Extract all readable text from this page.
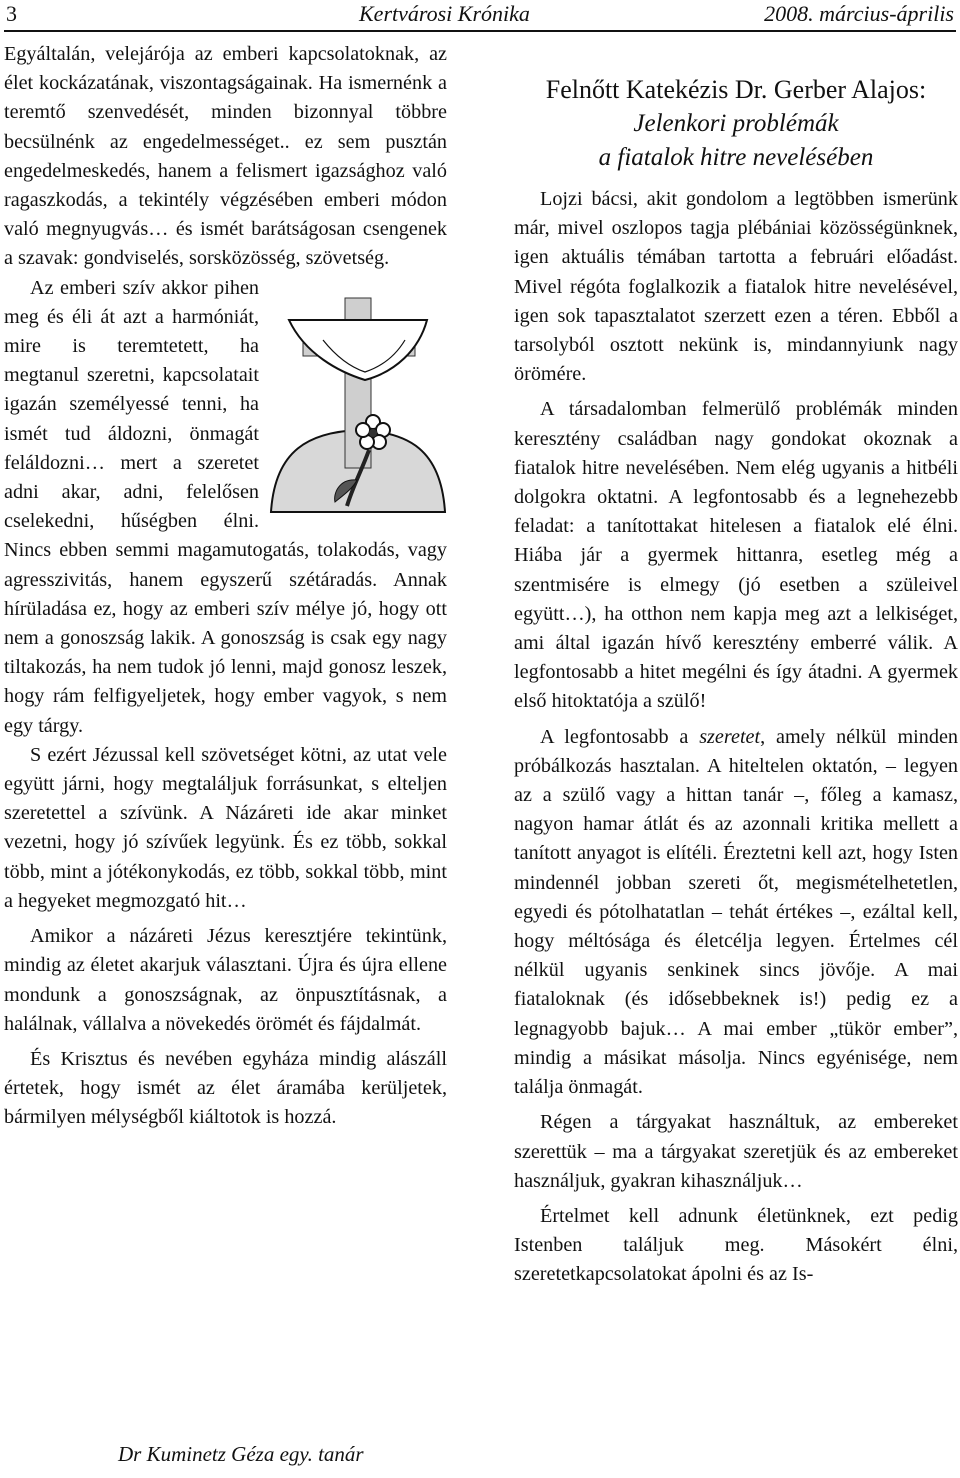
3	Kertvárosi Krónika	2008. március-április

Egyáltalán, velejárója az emberi kapcsolatoknak, az élet kockázatának, viszontagságainak. Ha ismernénk a teremtő szenvedését, minden bizonnyal többre becsülnénk az engedelmességet.. ez sem pusztán engedelmeskedés, hanem a felismert igazsághoz való ragaszkodás, a tekintély végzésében emberi módon való megnyugvás… és ismét barátságosan csengenek a szavak: gondviselés, sorsközösség, szövetség.

Az emberi szív akkor pihen meg és éli át azt a harmóniát, mire is teremtetett, ha megtanul szeretni, kapcsolatait igazán személyessé tenni, ha ismét tud áldozni, önmagát feláldozni… mert a szeretet adni akar, adni, felelősen cselekedni, hűségben élni. Nincs ebben semmi magamutogatás, tolakodás, vagy agresszivitás, hanem egyszerű szétáradás. Annak hírüladása ez, hogy az emberi szív mélye jó, hogy ott nem a gonoszság lakik. A gonoszság is csak egy nagy tiltakozás, ha nem tudok jó lenni, majd gonosz leszek, hogy rám felfigyeljetek, hogy ember vagyok, s nem egy tárgy.

S ezért Jézussal kell szövetséget kötni, az utat vele együtt járni, hogy megtaláljuk forrásunkat, s elteljen szeretettel a szívünk. A Názáreti ide akar minket vezetni, hogy jó szívűek legyünk. És ez több, sokkal több, mint a jótékonykodás, ez több, sokkal több, mint a hegyeket megmozgató hit…

Amikor a názáreti Jézus keresztjére tekintünk, mindig az életet akarjuk választani. Újra és újra ellene mondunk a gonoszságnak, az önpusztításnak, a halálnak, vállalva a növekedés örömét és fájdalmát.

És Krisztus és nevében egyháza mindig alászáll értetek, hogy ismét az élet áramába kerüljetek, bármilyen mélységből kiáltotok is hozzá.

Dr Kuminetz Géza egy. tanár
Felnőtt Katekézis Dr. Gerber Alajos:
Jelenkori problémák
a fiatalok hitre nevelésében

Lojzi bácsi, akit gondolom a legtöbben ismerünk már, mivel oszlopos tagja plébániai közösségünknek, igen aktuális témában tartotta a februári előadást. Mivel régóta foglalkozik a fiatalok hitre nevelésével, igen sok tapasztalatot szerzett ezen a téren. Ebből a tarsolyból osztott nekünk is, mindannyiunk nagy örömére.

A társadalomban felmerülő problémák minden keresztény családban nagy gondokat okoznak a fiatalok hitre nevelésében. Nem elég ugyanis a hitbéli dolgokra oktatni. A legfontosabb és a legnehezebb feladat: a tanítottakat hitelesen a fiatalok elé élni. Hiába jár a gyermek hittanra, esetleg még a szentmisére is elmegy (jó esetben a szüleivel együtt…), ha otthon nem kapja meg azt a lelkiséget, ami által igazán hívő keresztény emberré válik. A legfontosabb a hitet megélni és így átadni. A gyermek első hitoktatója a szülő!

A legfontosabb a szeretet, amely nélkül minden próbálkozás hasztalan. A hiteltelen oktatón, – legyen az a szülő vagy a hittan tanár –, főleg a kamasz, nagyon hamar átlát és az azonnali kritika mellett a tanított anyagot is elítéli. Éreztetni kell azt, hogy Isten mindennél jobban szereti őt, megismételhetetlen, egyedi és pótolhatatlan – tehát értékes –, ezáltal kell, hogy méltósága és életcélja legyen. Értelmes cél nélkül ugyanis senkinek sincs jövője. A mai fiataloknak (és idősebbeknek is!) pedig ez a legnagyobb bajuk… A mai ember „tükör ember”, mindig a másikat másolja. Nincs egyénisége, nem találja önmagát.

Régen a tárgyakat használtuk, az embereket szerettük – ma a tárgyakat szeretjük és az embereket használjuk, gyakran kihasználjuk…

Értelmet kell adnunk életünknek, ezt pedig Istenben találjuk meg. Másokért élni, szeretetkapcsolatokat ápolni és az Is-
